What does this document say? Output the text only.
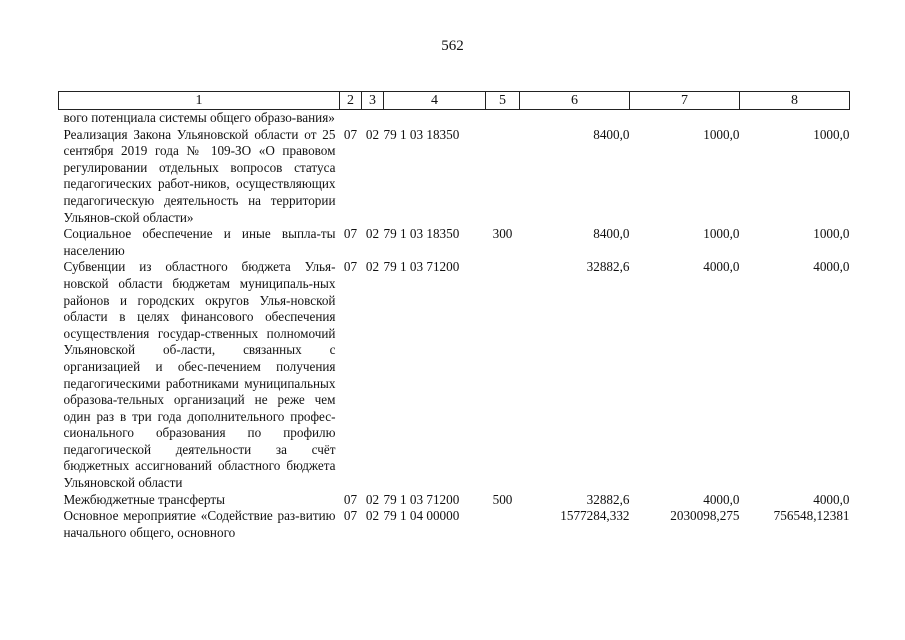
562
1	2	3	4	5	6	7	8
вого потенциала системы общего образо-вания»							
Реализация Закона Ульяновской области от 25 сентября 2019 года № 109-ЗО «О правовом регулировании отдельных вопросов статуса педагогических работ-ников, осуществляющих педагогическую деятельность на территории Ульянов-ской области»	07	02	79 1 03 18350		8400,0	1000,0	1000,0
Социальное обеспечение и иные выпла-ты населению	07	02	79 1 03 18350	300	8400,0	1000,0	1000,0
Субвенции из областного бюджета Улья-новской области бюджетам муниципаль-ных районов и городских округов Улья-новской области в целях финансового обеспечения осуществления государ-ственных полномочий Ульяновской об-ласти, связанных с организацией и обес-печением получения педагогическими работниками муниципальных образова-тельных организаций не реже чем один раз в три года дополнительного профес-сионального образования по профилю педагогической деятельности за счёт бюджетных ассигнований областного бюджета Ульяновской области	07	02	79 1 03 71200		32882,6	4000,0	4000,0
Межбюджетные трансферты	07	02	79 1 03 71200	500	32882,6	4000,0	4000,0
Основное мероприятие «Содействие раз-витию начального общего, основного	07	02	79 1 04 00000		1577284,332	2030098,275	756548,12381
